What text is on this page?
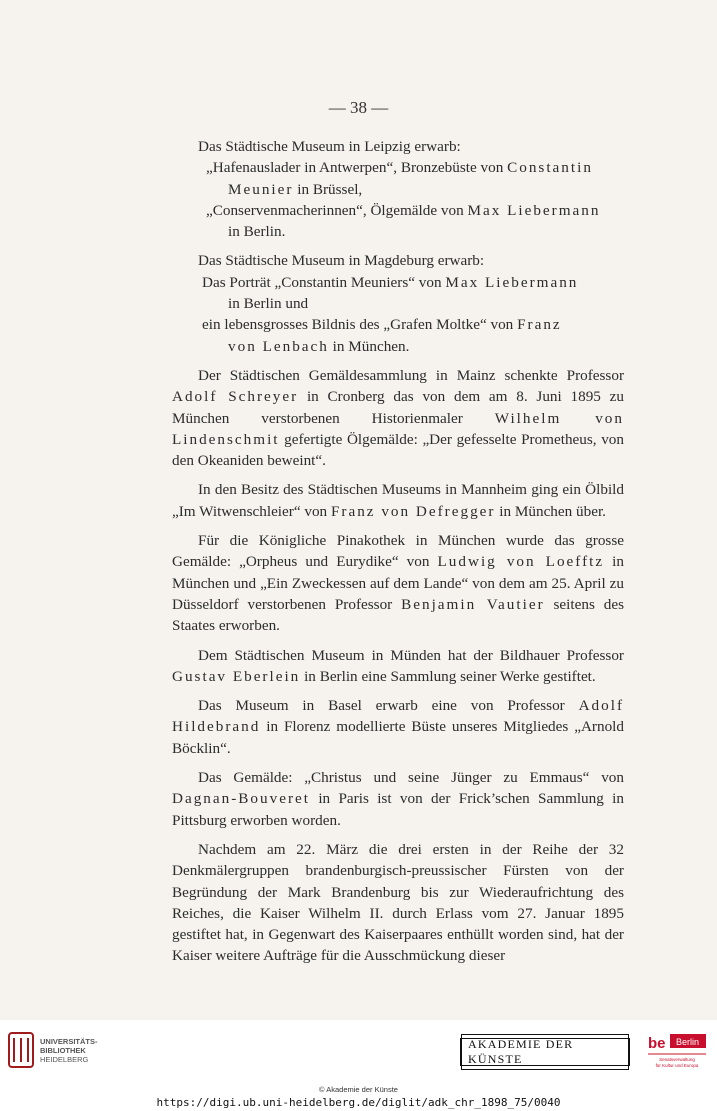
— 38 —

Das Städtische Museum in Leipzig erwarb:

„Hafenauslader in Antwerpen“, Bronzebüste von Constantin
Meunier in Brüssel,

„Conservenmacherinnen“, Ölgemälde von Max Liebermann
in Berlin.

Das Städtische Museum in Magdeburg erwarb:

Das Porträt „Constantin Meuniers“ von Max Liebermann
in Berlin und

ein lebensgrosses Bildnis des „Grafen Moltke“ von Franz
von Lenbach in München.

Der Städtischen Gemäldesammlung in Mainz schenkte Professor Adolf Schreyer in Cronberg das von dem am 8. Juni 1895 zu München verstorbenen Historienmaler Wilhelm von Lindenschmit gefertigte Ölgemälde: „Der gefesselte Prometheus, von den Okeaniden beweint“.

In den Besitz des Städtischen Museums in Mannheim ging ein Ölbild „Im Witwenschleier“ von Franz von Defregger in München über.

Für die Königliche Pinakothek in München wurde das grosse Gemälde: „Orpheus und Eurydike“ von Ludwig von Loefftz in München und „Ein Zweckessen auf dem Lande“ von dem am 25. April zu Düsseldorf verstorbenen Professor Benjamin Vautier seitens des Staates erworben.

Dem Städtischen Museum in Münden hat der Bildhauer Professor Gustav Eberlein in Berlin eine Sammlung seiner Werke gestiftet.

Das Museum in Basel erwarb eine von Professor Adolf Hildebrand in Florenz modellierte Büste unseres Mitgliedes „Arnold Böcklin“.

Das Gemälde: „Christus und seine Jünger zu Emmaus“ von Dagnan-Bouveret in Paris ist von der Frick’schen Sammlung in Pittsburg erworben worden.

Nachdem am 22. März die drei ersten in der Reihe der 32 Denkmälergruppen brandenburgisch-preussischer Fürsten von der Begründung der Mark Brandenburg bis zur Wiederaufrichtung des Reiches, die Kaiser Wilhelm II. durch Erlass vom 27. Januar 1895 gestiftet hat, in Gegenwart des Kaiserpaares enthüllt worden sind, hat der Kaiser weitere Aufträge für die Ausschmückung dieser

UNIVERSITÄTS-
BIBLIOTHEK
HEIDELBERG
AKADEMIE DER KÜNSTE
be Berlin
Senatsverwaltung
für Kultur und Europa
© Akademie der Künste
https://digi.ub.uni-heidelberg.de/diglit/adk_chr_1898_75/0040
